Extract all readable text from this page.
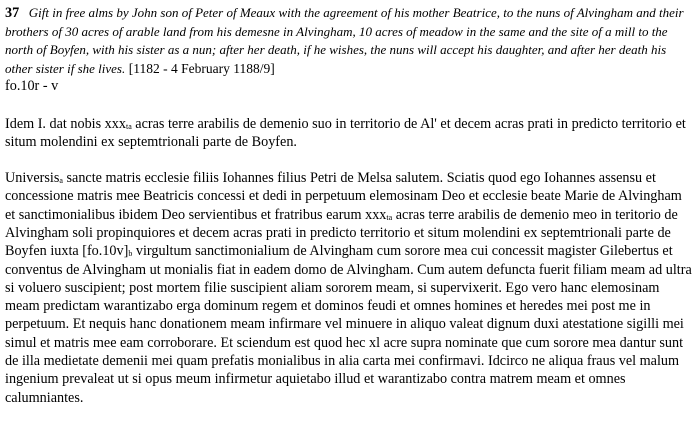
37 Gift in free alms by John son of Peter of Meaux with the agreement of his mother Beatrice, to the nuns of Alvingham and their brothers of 30 acres of arable land from his demesne in Alvingham, 10 acres of meadow in the same and the site of a mill to the north of Boyfen, with his sister as a nun; after her death, if he wishes, the nuns will accept his daughter, and after her death his other sister if she lives. [1182 - 4 February 1188/9]

fo.10r - v

Idem I. dat nobis xxx$_{ta}$ acras terre arabilis de demenio suo in territorio de Al' et decem acras prati in predicto territorio et situm molendini ex septemtrionali parte de Boyfen.

Universis$_a$ sancte matris ecclesie filiis Iohannes filius Petri de Melsa salutem. Sciatis quod ego Iohannes assensu et concessione matris mee Beatricis concessi et dedi in perpetuum elemosinam Deo et ecclesie beate Marie de Alvingham et sanctimonialibus ibidem Deo servientibus et fratribus earum xxx$_{ta}$ acras terre arabilis de demenio meo in teritorio de Alvingham soli propinquiores et decem acras prati in predicto territorio et situm molendini ex septemtrionali parte de Boyfen iuxta $[fo.10v]_b$ virgultum sanctimonialium de Alvingham cum sorore mea cui concessit magister Gilebertus et conventus de Alvingham ut monialis fiat in eadem domo de Alvingham. Cum autem defuncta fuerit filiam meam ad ultra si voluero suscipient; post mortem filie suscipient aliam sororem meam, si supervixerit. Ego vero hanc elemosinam meam predictam warantizabo erga dominum regem et dominos feudi et omnes homines et heredes mei post me in perpetuum. Et nequis hanc donationem meam infirmare vel minuere in aliquo valeat dignum duxi atestatione sigilli mei simul et matris mee eam corroborare. Et sciendum est quod hec xl acre supra nominate que cum sorore mea dantur sunt de illa medietate demenii mei quam prefatis monialibus in alia carta mei confirmavi. Idcirco ne aliqua fraus vel malum ingenium prevaleat ut si opus meum infirmetur aquietabo illud et warantizabo contra matrem meam et omnes calumniantes.
